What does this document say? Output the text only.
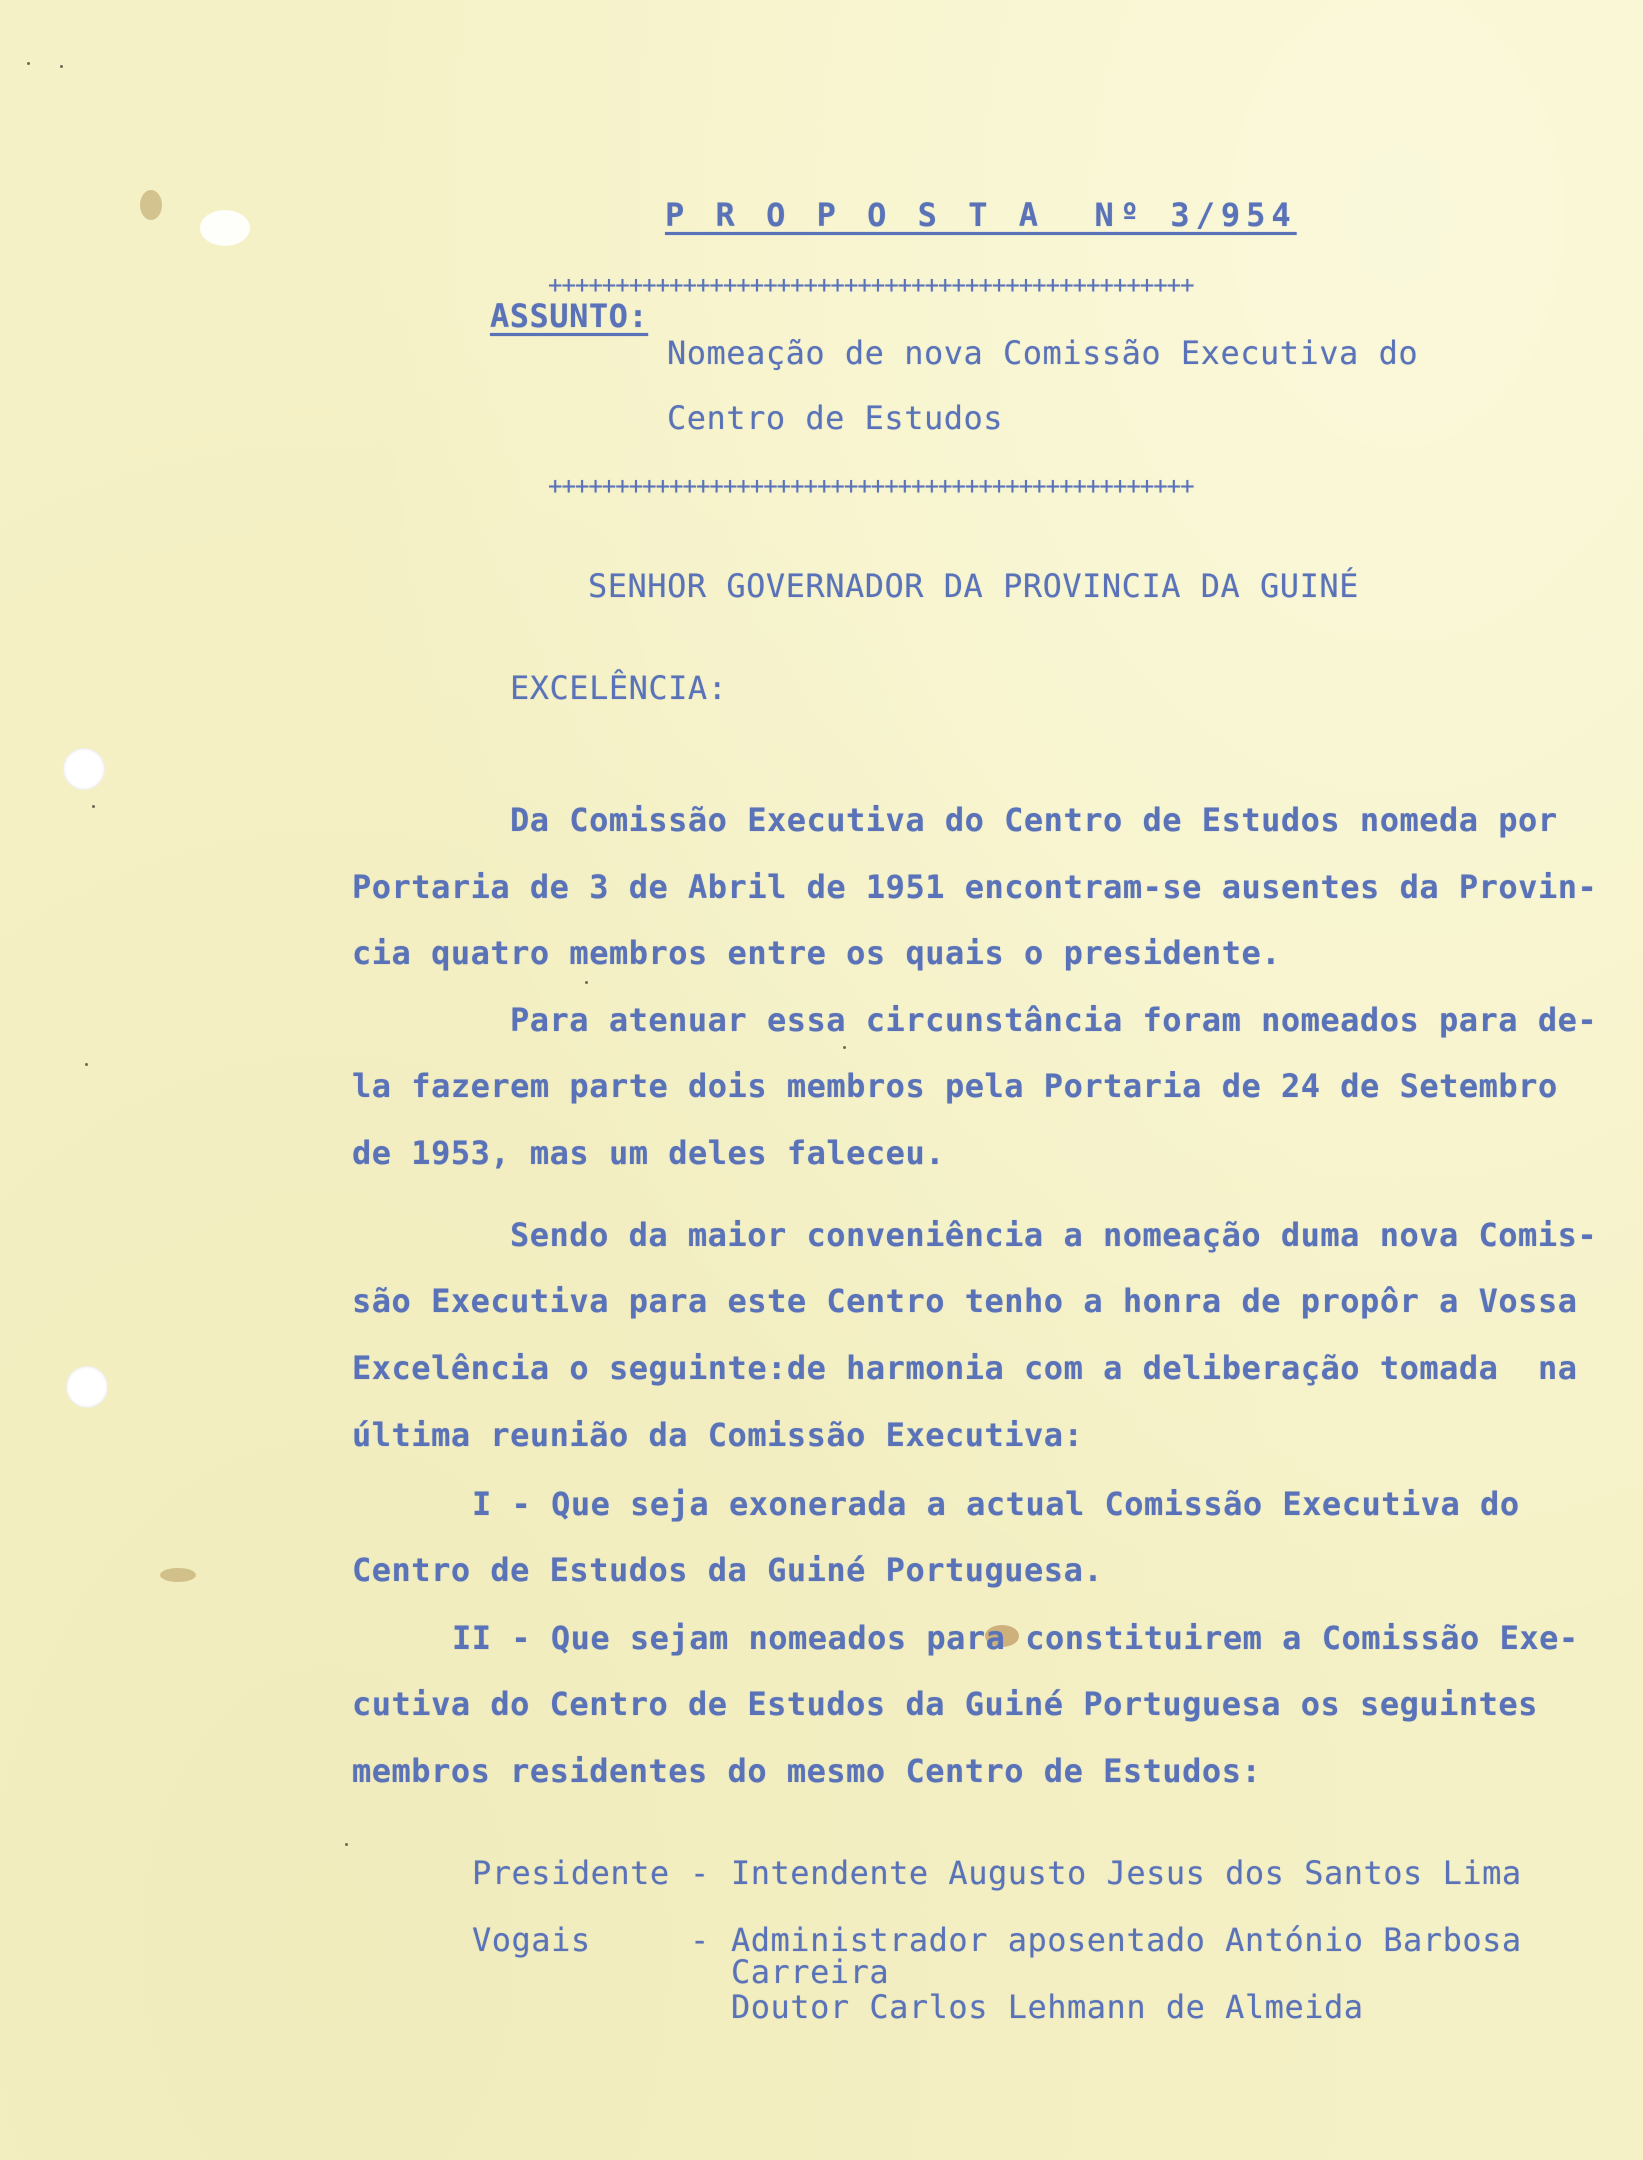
P R O P O S T A  Nº 3/954
++++++++++++++++++++++++++++++++++++++++++++++++
ASSUNTO:
Nomeação de nova Comissão Executiva do
Centro de Estudos
++++++++++++++++++++++++++++++++++++++++++++++++
SENHOR GOVERNADOR DA PROVINCIA DA GUINÉ
EXCELÊNCIA:
Da Comissão Executiva do Centro de Estudos nomeda por
Portaria de 3 de Abril de 1951 encontram-se ausentes da Provin-
cia quatro membros entre os quais o presidente.
Para atenuar essa circunstância foram nomeados para de-
la fazerem parte dois membros pela Portaria de 24 de Setembro
de 1953, mas um deles faleceu.
Sendo da maior conveniência a nomeação duma nova Comis-
são Executiva para este Centro tenho a honra de propôr a Vossa
Excelência o seguinte:de harmonia com a deliberação tomada  na
última reunião da Comissão Executiva:
I - Que seja exonerada a actual Comissão Executiva do
Centro de Estudos da Guiné Portuguesa.
II - Que sejam nomeados para constituirem a Comissão Exe-
cutiva do Centro de Estudos da Guiné Portuguesa os seguintes
membros residentes do mesmo Centro de Estudos:
Presidente - Intendente Augusto Jesus dos Santos Lima
Vogais	- Administrador aposentado António Barbosa
Carreira
Doutor Carlos Lehmann de Almeida
